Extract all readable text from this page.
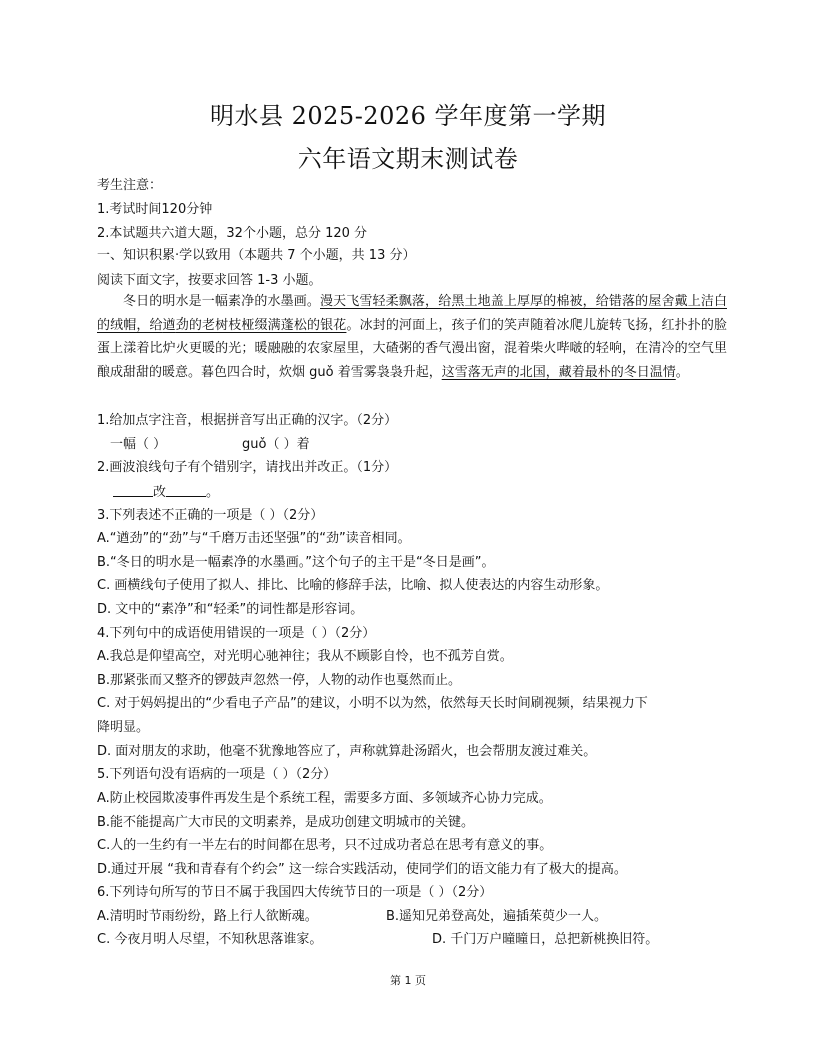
明水县 2025-2026 学年度第一学期
六年语文期末测试卷
考生注意：
1.考试时间120分钟
2.本试题共六道大题，32个小题，总分 120 分
一、知识积累·学以致用（本题共 7 个小题，共 13 分）
阅读下面文字，按要求回答 1-3 小题。
冬日的明水是一幅素净的水墨画。漫天飞雪轻柔飘落，给黑土地盖上厚厚的棉被，给错落的屋舍戴上洁白的绒帽，给遒劲的老树枝桠缀满蓬松的银花。冰封的河面上，孩子们的笑声随着冰爬儿旋转飞扬，红扑扑的脸蛋上漾着比炉火更暖的光；暖融融的农家屋里，大碴粥的香气漫出窗，混着柴火哔啵的轻响，在清冷的空气里酿成甜甜的暖意。暮色四合时，炊烟 guǒ 着雪雾袅袅升起，这雪落无声的北国，藏着最朴的冬日温情。
1.给加点字注音，根据拼音写出正确的汉字。（2分）
一幅（ ）	guǒ（ ）着
2.画波浪线句子有个错别字，请找出并改正。（1分）
改	。
3.下列表述不正确的一项是（ ）（2分）
A.“遒劲”的“劲”与“千磨万击还坚强”的“劲”读音相同。
B.“冬日的明水是一幅素净的水墨画。”这个句子的主干是“冬日是画”。
C. 画横线句子使用了拟人、排比、比喻的修辞手法，比喻、拟人使表达的内容生动形象。
D. 文中的“素净”和“轻柔”的词性都是形容词。
4.下列句中的成语使用错误的一项是（ ）（2分）
A.我总是仰望高空，对光明心驰神往；我从不顾影自怜，也不孤芳自赏。
B.那紧张而又整齐的锣鼓声忽然一停，人物的动作也戛然而止。
C. 对于妈妈提出的“少看电子产品”的建议，小明不以为然，依然每天长时间刷视频，结果视力下
降明显。
D. 面对朋友的求助，他毫不犹豫地答应了，声称就算赴汤蹈火，也会帮朋友渡过难关。
5.下列语句没有语病的一项是（ ）（2分）
A.防止校园欺凌事件再发生是个系统工程，需要多方面、多领域齐心协力完成。
B.能不能提高广大市民的文明素养，是成功创建文明城市的关键。
C.人的一生约有一半左右的时间都在思考，只不过成功者总在思考有意义的事。
D.通过开展 “我和青春有个约会” 这一综合实践活动，使同学们的语文能力有了极大的提高。
6.下列诗句所写的节日不属于我国四大传统节日的一项是（ ）（2分）
A.清明时节雨纷纷，路上行人欲断魂。	B.遥知兄弟登高处，遍插茱萸少一人。
C. 今夜月明人尽望，不知秋思落谁家。	D. 千门万户曈曈日，总把新桃换旧符。
第 1 页
